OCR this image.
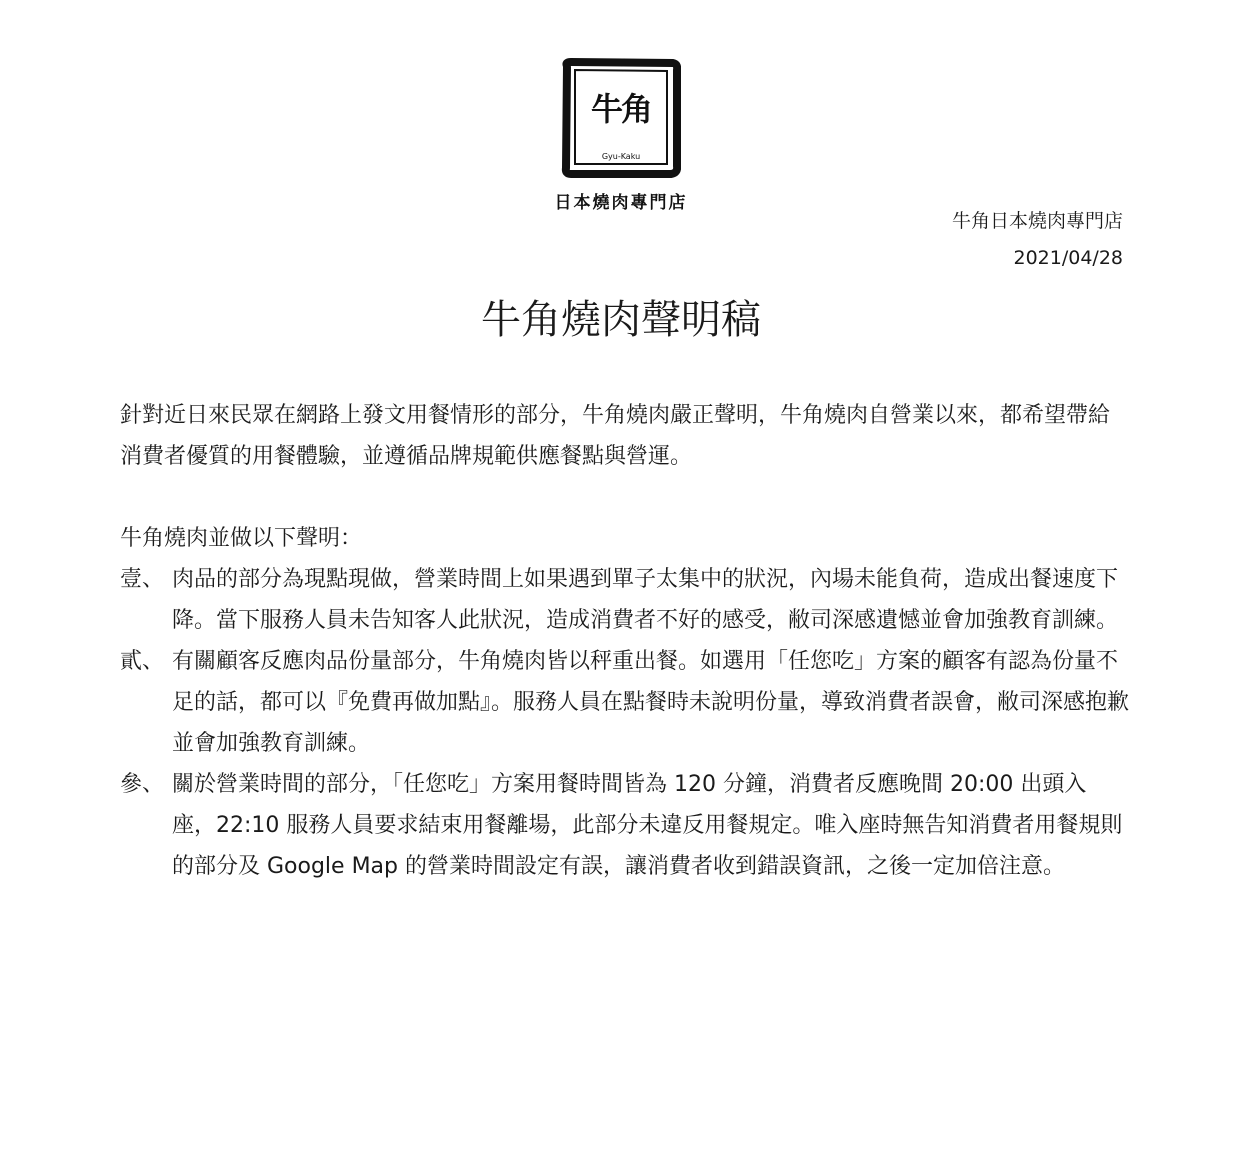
牛角
Gyu-Kaku
日本燒肉專門店
牛角日本燒肉專門店
2021/04/28
牛角燒肉聲明稿

針對近日來民眾在網路上發文用餐情形的部分，牛角燒肉嚴正聲明，牛角燒肉自營業以來，都希望帶給消費者優質的用餐體驗，並遵循品牌規範供應餐點與營運。

牛角燒肉並做以下聲明：

壹、 肉品的部分為現點現做，營業時間上如果遇到單子太集中的狀況，內場未能負荷，造成出餐速度下降。當下服務人員未告知客人此狀況，造成消費者不好的感受，敝司深感遺憾並會加強教育訓練。
貳、 有關顧客反應肉品份量部分，牛角燒肉皆以秤重出餐。如選用「任您吃」方案的顧客有認為份量不足的話，都可以『免費再做加點』。服務人員在點餐時未說明份量，導致消費者誤會，敝司深感抱歉並會加強教育訓練。
參、 關於營業時間的部分，「任您吃」方案用餐時間皆為 120 分鐘，消費者反應晚間 20:00 出頭入座，22:10 服務人員要求結束用餐離場，此部分未違反用餐規定。唯入座時無告知消費者用餐規則的部分及 Google Map 的營業時間設定有誤，讓消費者收到錯誤資訊，之後一定加倍注意。
